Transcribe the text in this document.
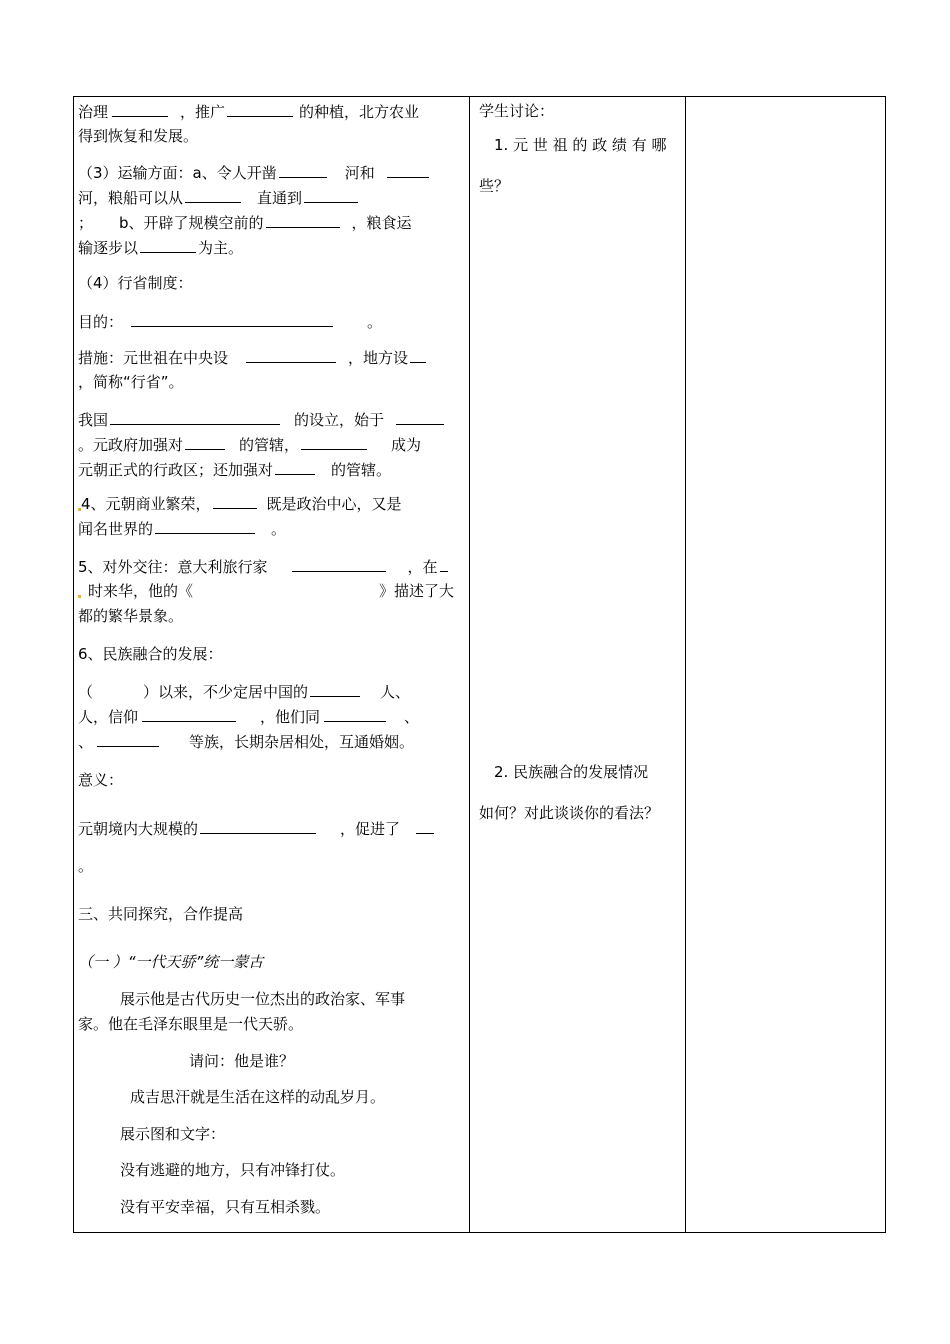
治理	，推广	的种植，北方农业
得到恢复和发展。
（3）运输方面：a、令人开凿	河和
河，粮船可以从	直通到
； b、开辟了规模空前的	，粮食运
输逐步以	为主。
（4）行省制度：
目的：	。
措施：元世祖在中央设	，地方设
，简称“行省”。
我国	的设立，始于
。元政府加强对	的管辖，	成为
元朝正式的行政区；还加强对	的管辖。
4、元朝商业繁荣，	既是政治中心，又是
闻名世界的	。
5、对外交往：意大利旅行家	，在
时来华，他的《	》描述了大
都的繁华景象。
6、民族融合的发展：
（	）以来，不少定居中国的	人、
人，信仰	，他们同	、
、	等族，长期杂居相处，互通婚姻。
意义：
元朝境内大规模的	，促进了
。
三、共同探究，合作提高
（一 ）“一代天骄”统一蒙古
展示他是古代历史一位杰出的政治家、军事
家。他在毛泽东眼里是一代天骄。
请问：他是谁？
成吉思汗就是生活在这样的动乱岁月。
展示图和文字：
没有逃避的地方，只有冲锋打仗。
没有平安幸福，只有互相杀戮。
学生讨论：
1. 元 世 祖 的 政 绩 有 哪
些？
2. 民族融合的发展情况
如何？对此谈谈你的看法？
